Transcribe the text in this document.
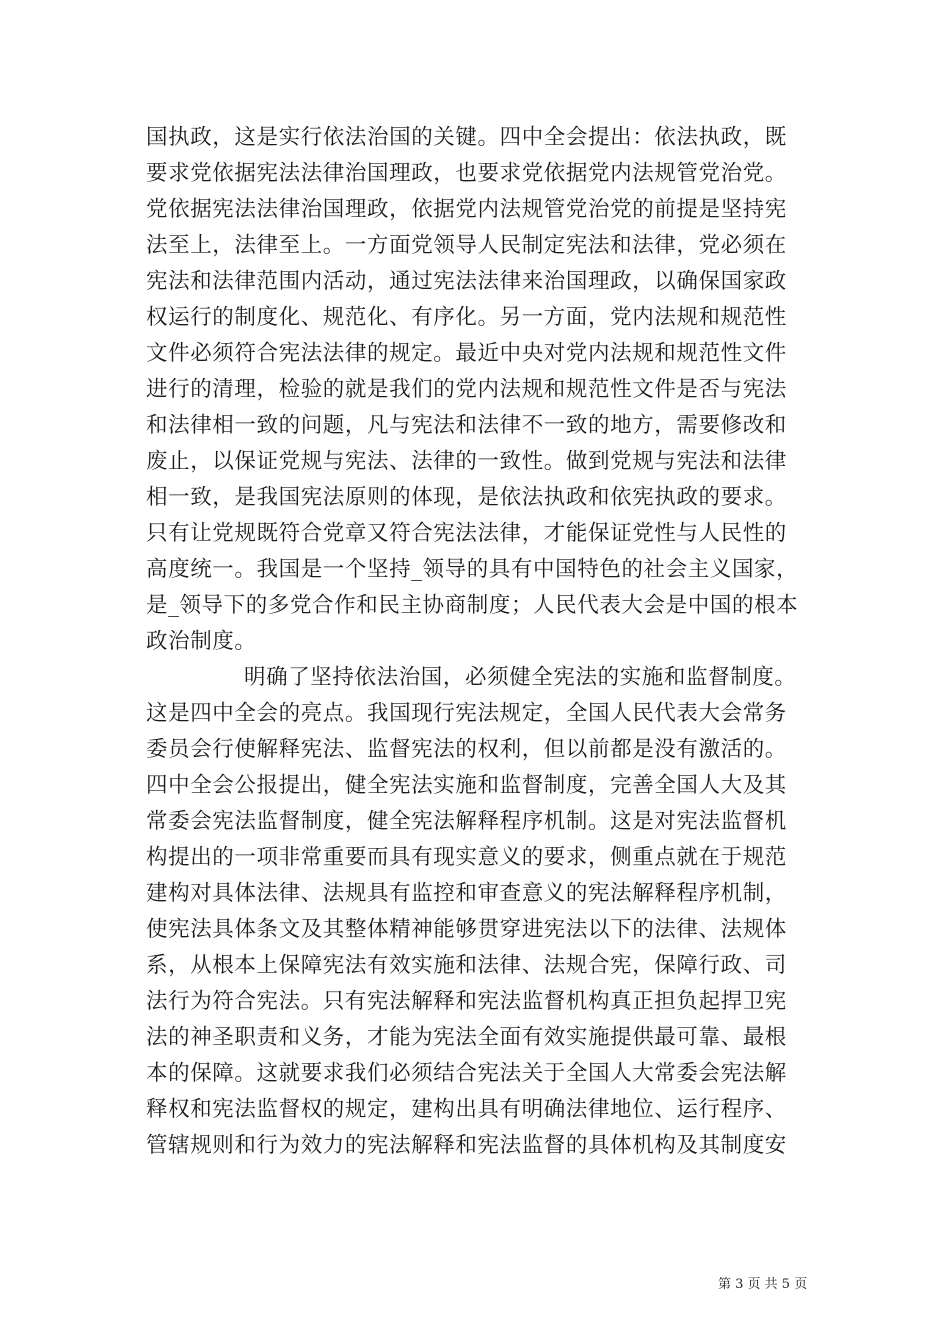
国执政，这是实行依法治国的关键。四中全会提出：依法执政，既
要求党依据宪法法律治国理政，也要求党依据党内法规管党治党。
党依据宪法法律治国理政，依据党内法规管党治党的前提是坚持宪
法至上，法律至上。一方面党领导人民制定宪法和法律，党必须在
宪法和法律范围内活动，通过宪法法律来治国理政，以确保国家政
权运行的制度化、规范化、有序化。另一方面，党内法规和规范性
文件必须符合宪法法律的规定。最近中央对党内法规和规范性文件
进行的清理，检验的就是我们的党内法规和规范性文件是否与宪法
和法律相一致的问题，凡与宪法和法律不一致的地方，需要修改和
废止，以保证党规与宪法、法律的一致性。做到党规与宪法和法律
相一致，是我国宪法原则的体现，是依法执政和依宪执政的要求。
只有让党规既符合党章又符合宪法法律，才能保证党性与人民性的
高度统一。我国是一个坚持_领导的具有中国特色的社会主义国家，
是_领导下的多党合作和民主协商制度；人民代表大会是中国的根本
政治制度。
明确了坚持依法治国，必须健全宪法的实施和监督制度。
这是四中全会的亮点。我国现行宪法规定，全国人民代表大会常务
委员会行使解释宪法、监督宪法的权利，但以前都是没有激活的。
四中全会公报提出，健全宪法实施和监督制度，完善全国人大及其
常委会宪法监督制度，健全宪法解释程序机制。这是对宪法监督机
构提出的一项非常重要而具有现实意义的要求，侧重点就在于规范
建构对具体法律、法规具有监控和审查意义的宪法解释程序机制，
使宪法具体条文及其整体精神能够贯穿进宪法以下的法律、法规体
系，从根本上保障宪法有效实施和法律、法规合宪，保障行政、司
法行为符合宪法。只有宪法解释和宪法监督机构真正担负起捍卫宪
法的神圣职责和义务，才能为宪法全面有效实施提供最可靠、最根
本的保障。这就要求我们必须结合宪法关于全国人大常委会宪法解
释权和宪法监督权的规定，建构出具有明确法律地位、运行程序、
管辖规则和行为效力的宪法解释和宪法监督的具体机构及其制度安
第 3 页 共 5 页
